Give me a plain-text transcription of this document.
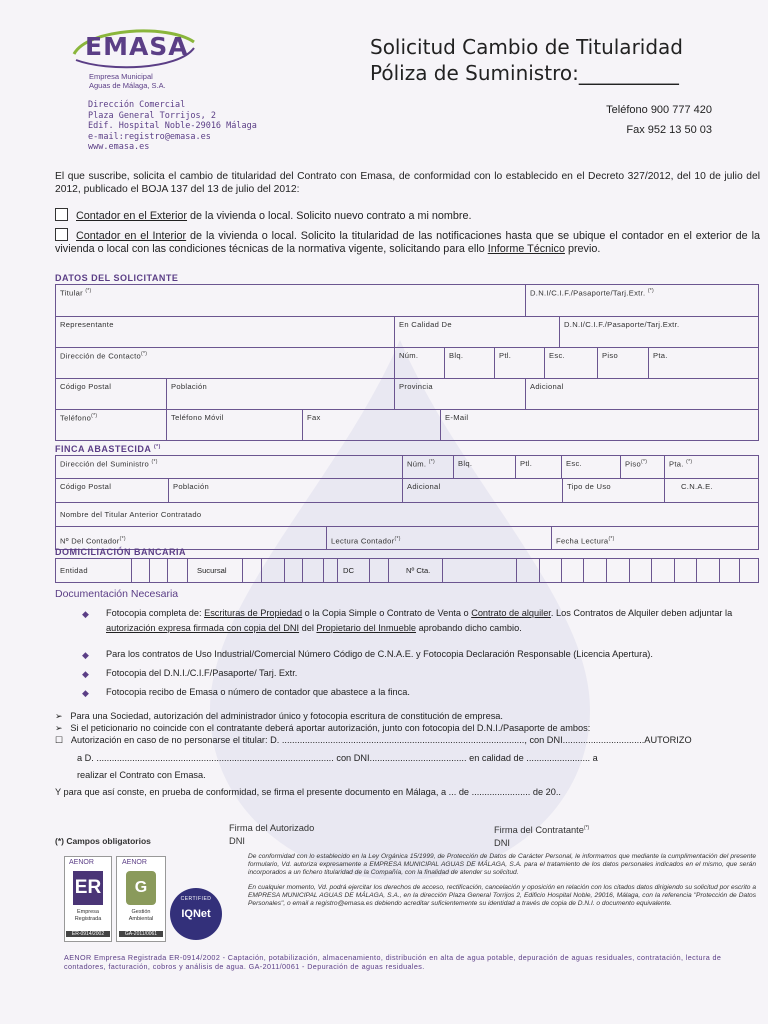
EMASA
Empresa Municipal
Aguas de Málaga, S.A.
Dirección Comercial
Plaza General Torrijos, 2
Edif. Hospital Noble-29016 Málaga
e-mail:registro@emasa.es
www.emasa.es
Solicitud Cambio de Titularidad
Póliza de Suministro:__________
Teléfono 900 777 420
Fax 952 13 50 03
El que suscribe, solicita el cambio de titularidad del Contrato con Emasa, de conformidad con lo establecido en el Decreto 327/2012, del 10 de julio del 2012, publicado el BOJA 137 del 13 de julio del 2012:
Contador en el Exterior de la vivienda o local. Solicito nuevo contrato a mi nombre.
Contador en el Interior de la vivienda o local. Solicito la titularidad de las notificaciones hasta que se ubique el contador en el exterior de la vivienda o local con las condiciones técnicas de la normativa vigente, solicitando para ello Informe Técnico previo.
DATOS DEL SOLICITANTE
Titular (*)	D.N.I/C.I.F./Pasaporte/Tarj.Extr. (*)
Representante	En Calidad De	D.N.I/C.I.F./Pasaporte/Tarj.Extr.
Dirección de Contacto(*)	Núm.	Blq.	Ptl.	Esc.	Piso	Pta.
Código Postal	Población	Provincia	Adicional
Teléfono(*)	Teléfono Móvil	Fax	E-Mail
FINCA ABASTECIDA (*)
Dirección del Suministro (*)	Núm. (*)	Blq.	Ptl.	Esc.	Piso(*)	Pta. (*)
Código Postal	Población	Adicional	Tipo de Uso	C.N.A.E.
Nombre del Titular Anterior Contratado
Nº Del Contador(*)	Lectura Contador(*)	Fecha Lectura(*)
DOMICILIACIÓN BANCARIA
Entidad	Sucursal	DC	Nº Cta.
Documentación Necesaria
◆ Fotocopia completa de: Escrituras de Propiedad o la Copia Simple o Contrato de Venta o Contrato de alquiler. Los Contratos de Alquiler deben adjuntar la autorización expresa firmada con copia del DNI del Propietario del Inmueble aprobando dicho cambio.
◆ Para los contratos de Uso Industrial/Comercial Número Código de C.N.A.E. y Fotocopia Declaración Responsable (Licencia Apertura).
◆ Fotocopia del D.N.I./C.I.F/Pasaporte/ Tarj. Extr.
◆ Fotocopia recibo de Emasa o número de contador que abastece a la finca.
➢ Para una Sociedad, autorización del administrador único y fotocopia escritura de constitución de empresa.
➢ Si el peticionario no coincide con el contratante deberá aportar autorización, junto con fotocopia del D.N.I./Pasaporte de ambos:
☐ Autorización en caso de no personarse el titular: D. ..............................................................................................., con DNI................................AUTORIZO
a D. ............................................................................................. con DNI...................................... en calidad de ......................... a
realizar el Contrato con Emasa.
Y para que así conste, en prueba de conformidad, se firma el presente documento en Málaga, a ... de ....................... de 20..
Firma del Autorizado
DNI
Firma del Contratante(*)
DNI
(*) Campos obligatorios
AENOR
ER
Empresa Registrada
ER-0914/2002
AENOR
G
Gestión Ambiental
GA-2011/0061
CERTIFIED
IQNet
De conformidad con lo establecido en la Ley Orgánica 15/1999, de Protección de Datos de Carácter Personal, le informamos que mediante la cumplimentación del presente formulario, Vd. autoriza expresamente a EMPRESA MUNICIPAL AGUAS DE MÁLAGA, S.A. para el tratamiento de los datos personales indicados en el mismo, que serán incorporados a un fichero titularidad de la Compañía, con la finalidad de atender su solicitud.
En cualquier momento, Vd. podrá ejercitar los derechos de acceso, rectificación, cancelación y oposición en relación con los citados datos dirigiendo su solicitud por escrito a EMPRESA MUNICIPAL AGUAS DE MÁLAGA, S.A., en la dirección Plaza General Torrijos 2, Edificio Hospital Noble, 29016, Málaga, con la referencia "Protección de Datos Personales", o email a registro@emasa.es debiendo acreditar suficientemente su identidad a través de copia de D.N.I. o documento equivalente.
AENOR Empresa Registrada ER-0914/2002 - Captación, potabilización, almacenamiento, distribución en alta de agua potable, depuración de aguas residuales, contratación, lectura de contadores, facturación, cobros y análisis de agua. GA-2011/0061 - Depuración de aguas residuales.
